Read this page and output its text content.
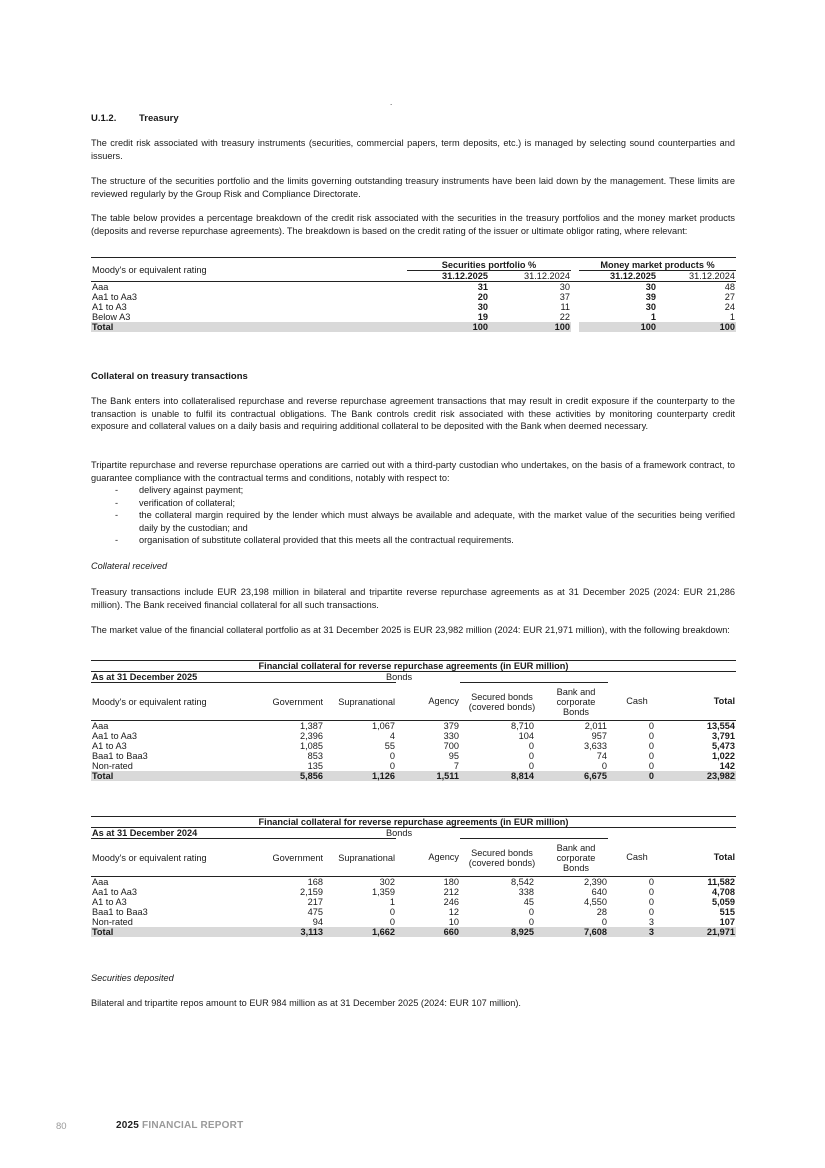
.
U.1.2. Treasury

The credit risk associated with treasury instruments (securities, commercial papers, term deposits, etc.) is managed by selecting sound counterparties and issuers.

The structure of the securities portfolio and the limits governing outstanding treasury instruments have been laid down by the management. These limits are reviewed regularly by the Group Risk and Compliance Directorate.

The table below provides a percentage breakdown of the credit risk associated with the securities in the treasury portfolios and the money market products (deposits and reverse repurchase agreements). The breakdown is based on the credit rating of the issuer or ultimate obligor rating, where relevant:

Moody's or equivalent rating	Securities portfolio %			Money market products %	
	31.12.2025	31.12.2024		31.12.2025	31.12.2024
Aaa	31	30		30	48
Aa1 to Aa3	20	37		39	27
A1 to A3	30	11		30	24
Below A3	19	22		1	1
Total	100	100		100	100
Collateral on treasury transactions

The Bank enters into collateralised repurchase and reverse repurchase agreement transactions that may result in credit exposure if the counterparty to the transaction is unable to fulfil its contractual obligations. The Bank controls credit risk associated with these activities by monitoring counterparty credit exposure and collateral values on a daily basis and requiring additional collateral to be deposited with the Bank when deemed necessary.

Tripartite repurchase and reverse repurchase operations are carried out with a third-party custodian who undertakes, on the basis of a framework contract, to guarantee compliance with the contractual terms and conditions, notably with respect to:

- delivery against payment;
- verification of collateral;
- the collateral margin required by the lender which must always be available and adequate, with the market value of the securities being verified daily by the custodian; and
- organisation of substitute collateral provided that this meets all the contractual requirements.
Collateral received

Treasury transactions include EUR 23,198 million in bilateral and tripartite reverse repurchase agreements as at 31 December 2025 (2024: EUR 21,286 million). The Bank received financial collateral for all such transactions.

The market value of the financial collateral portfolio as at 31 December 2025 is EUR 23,982 million (2024: EUR 21,971 million), with the following breakdown:

Financial collateral for reverse repurchase agreements (in EUR million)							
As at 31 December 2025			Bonds				
Moody's or equivalent rating	Government	Supranational	Agency	Secured bonds (covered bonds)	Bank and corporate Bonds	Cash	Total
Aaa	1,387	1,067	379	8,710	2,011	0	13,554
Aa1 to Aa3	2,396	4	330	104	957	0	3,791
A1 to A3	1,085	55	700	0	3,633	0	5,473
Baa1 to Baa3	853	0	95	0	74	0	1,022
Non-rated	135	0	7	0	0	0	142
Total	5,856	1,126	1,511	8,814	6,675	0	23,982
Financial collateral for reverse repurchase agreements (in EUR million)							
As at 31 December 2024			Bonds				
Moody's or equivalent rating	Government	Supranational	Agency	Secured bonds (covered bonds)	Bank and corporate Bonds	Cash	Total
Aaa	168	302	180	8,542	2,390	0	11,582
Aa1 to Aa3	2,159	1,359	212	338	640	0	4,708
A1 to A3	217	1	246	45	4,550	0	5,059
Baa1 to Baa3	475	0	12	0	28	0	515
Non-rated	94	0	10	0	0	3	107
Total	3,113	1,662	660	8,925	7,608	3	21,971
Securities deposited

Bilateral and tripartite repos amount to EUR 984 million as at 31 December 2025 (2024: EUR 107 million).

80	2025 FINANCIAL REPORT
